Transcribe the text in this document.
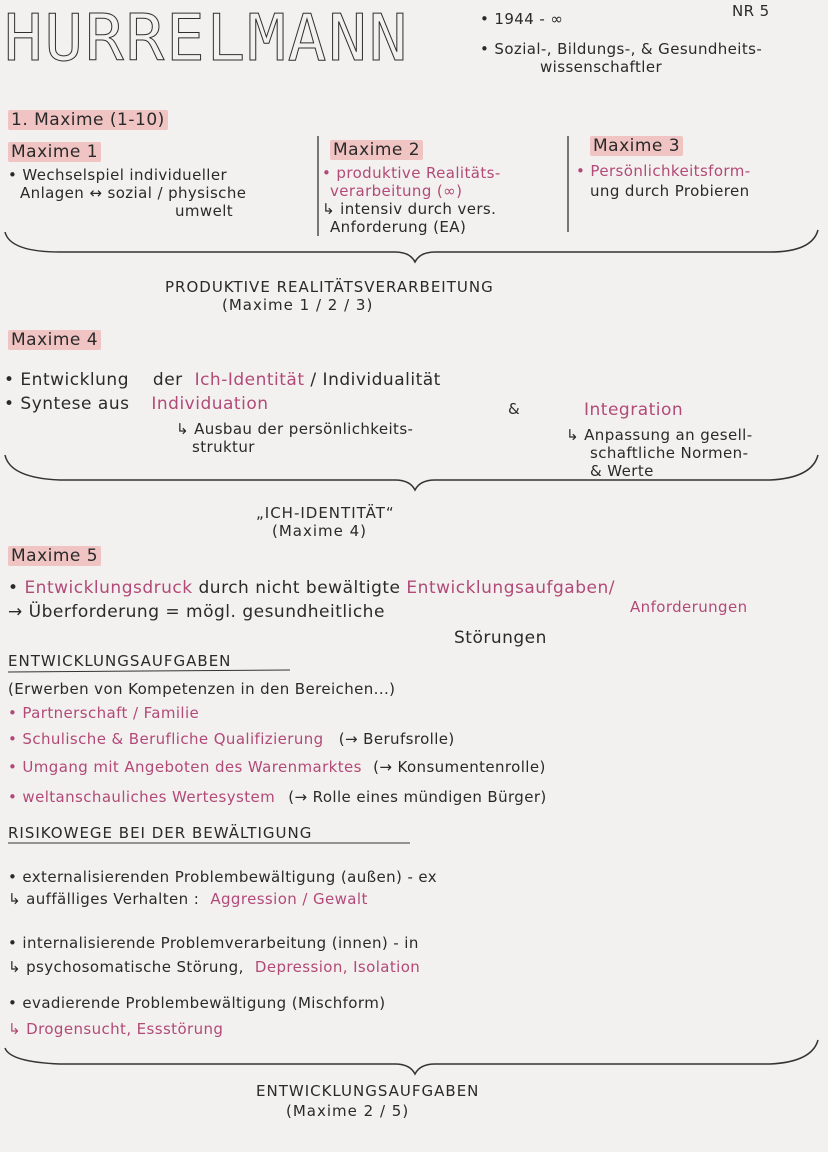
HURRELMANN	• 1944 - ∞
• Sozial-, Bildungs-, & Gesundheits-
wissenschaftler
NR 5
1. Maxime (1-10)
Maxime 1
• Wechselspiel individueller
Anlagen ↔ sozial / physische
umwelt
Maxime 2
• produktive Realitäts-
verarbeitung (∞)
↳ intensiv durch vers.
Anforderung (EA)
Maxime 3
• Persönlichkeitsform-
ung durch Probieren
PRODUKTIVE REALITÄTSVERARBEITUNG
(Maxime 1 / 2 / 3)
Maxime 4
• Entwicklung der Ich-Identität / Individualität
• Syntese aus Individuation	&	Integration
↳ Ausbau der persönlichkeits-
struktur
↳ Anpassung an gesell-
schaftliche Normen-
& Werte
„ICH-IDENTITÄT“
(Maxime 4)
Maxime 5
• Entwicklungsdruck durch nicht bewältigte Entwicklungsaufgaben/
Anforderungen
→ Überforderung = mögl. gesundheitliche
Störungen
ENTWICKLUNGSAUFGABEN
(Erwerben von Kompetenzen in den Bereichen...)
• Partnerschaft / Familie
• Schulische & Berufliche Qualifizierung (→ Berufsrolle)
• Umgang mit Angeboten des Warenmarktes (→ Konsumentenrolle)
• weltanschauliches Wertesystem (→ Rolle eines mündigen Bürger)
RISIKOWEGE BEI DER BEWÄLTIGUNG
• externalisierenden Problembewältigung (außen) - ex
↳ auffälliges Verhalten : Aggression / Gewalt
• internalisierende Problemverarbeitung (innen) - in
↳ psychosomatische Störung, Depression, Isolation
• evadierende Problembewältigung (Mischform)
↳ Drogensucht, Essstörung
ENTWICKLUNGSAUFGABEN
(Maxime 2 / 5)
